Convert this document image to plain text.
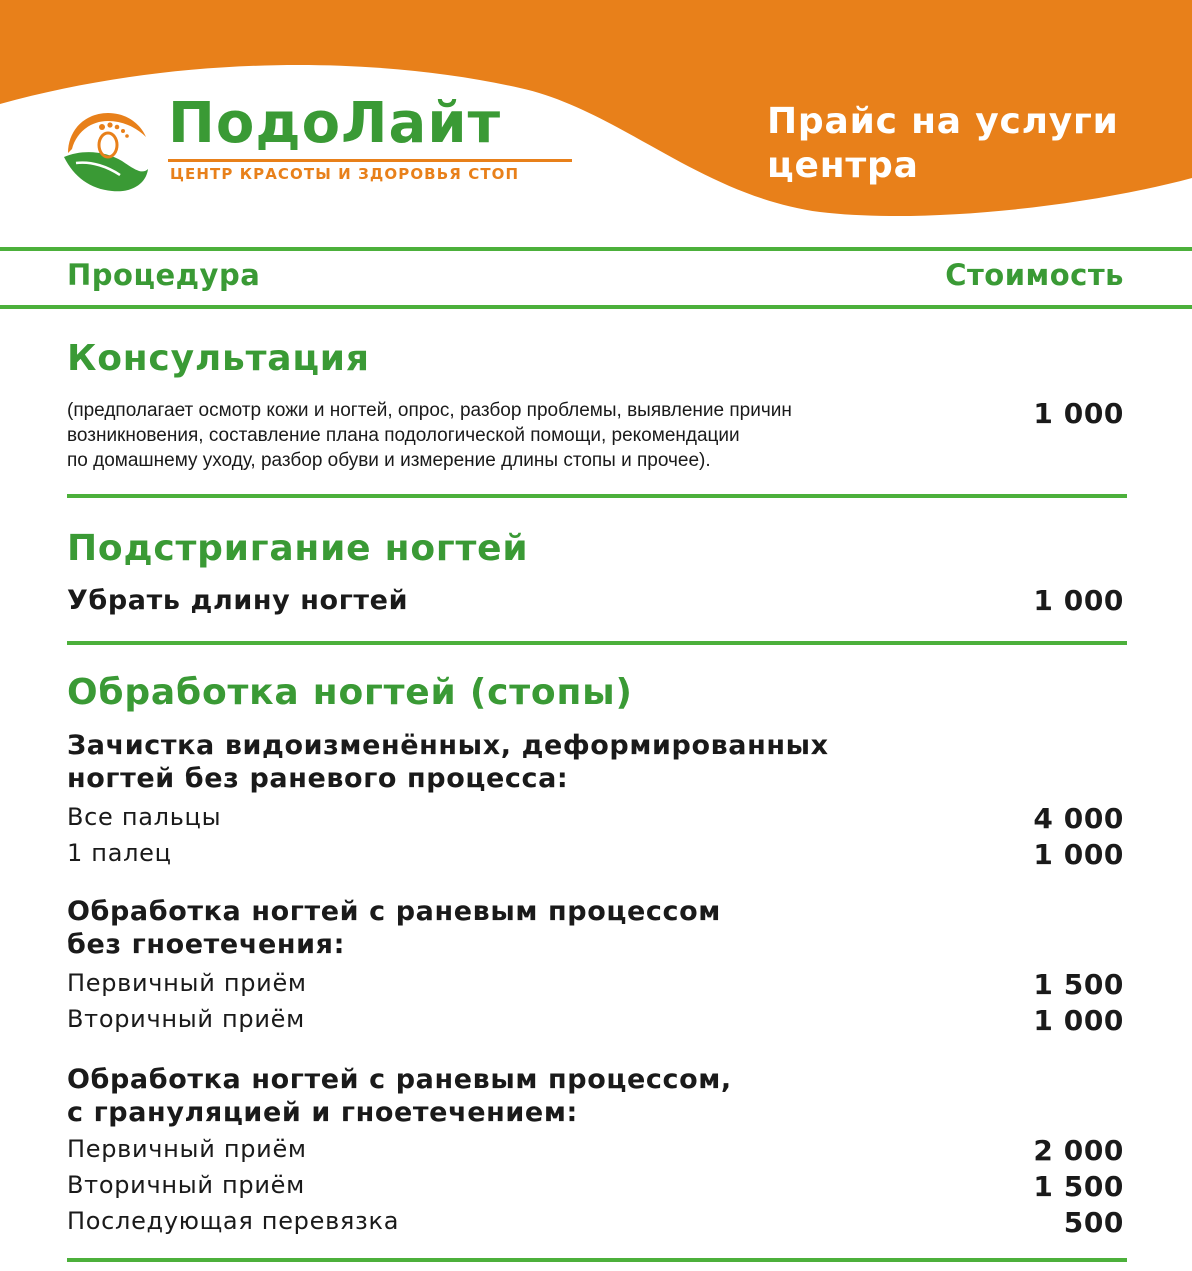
ПодоЛайт
ЦЕНТР КРАСОТЫ И ЗДОРОВЬЯ СТОП
Прайс на услуги
центра
Процедура	Стоимость
Консультация
(предполагает осмотр кожи и ногтей, опрос, разбор проблемы, выявление причин
возникновения, составление плана подологической помощи, рекомендации
по домашнему уходу, разбор обуви и измерение длины стопы и прочее).
1 000
Подстригание ногтей
Убрать длину ногтей	1 000
Обработка ногтей (стопы)
Зачистка видоизменённых, деформированных
ногтей без раневого процесса:
Все пальцы	4 000
1 палец	1 000
Обработка ногтей с раневым процессом
без гноетечения:
Первичный приём	1 500
Вторичный приём	1 000
Обработка ногтей с раневым процессом,
с грануляцией и гноетечением:
Первичный приём	2 000
Вторичный приём	1 500
Последующая перевязка	500
